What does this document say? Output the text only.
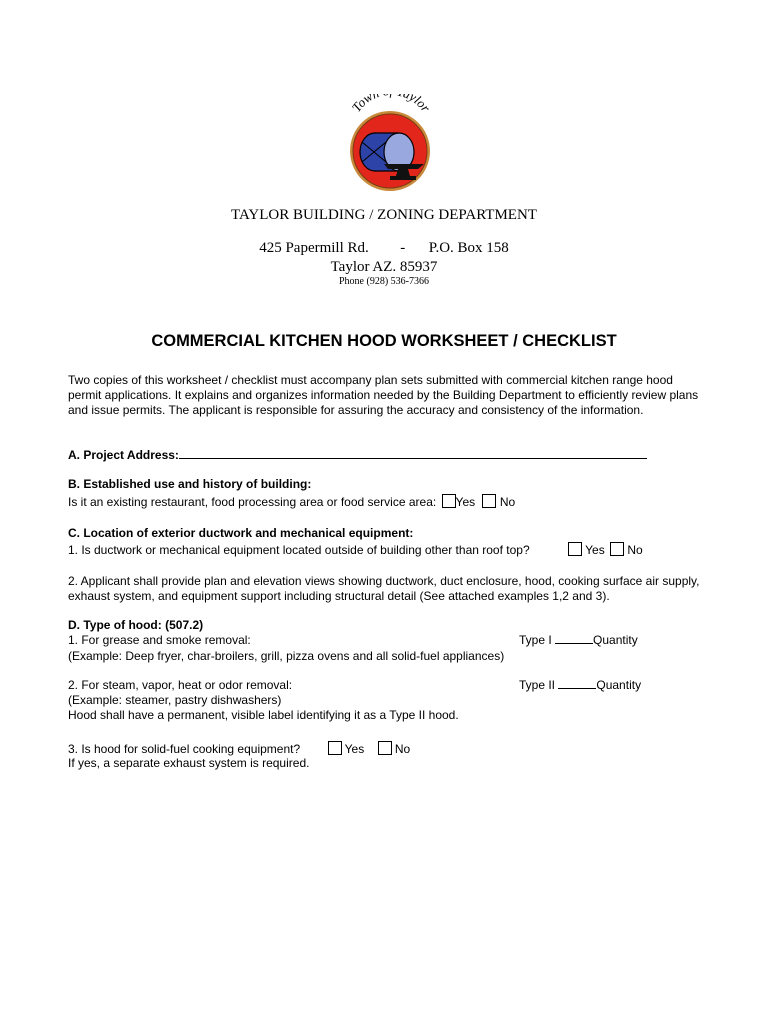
Tow ylor
TAYLOR BUILDING / ZONING DEPARTMENT
425 Papermill Rd. - P.O. Box 158
Taylor AZ. 85937
Phone (928) 536-7366
COMMERCIAL KITCHEN HOOD WORKSHEET / CHECKLIST
Two copies of this worksheet / checklist must accompany plan sets submitted with commercial kitchen range hood permit applications. It explains and organizes information needed by the Building Department to efficiently review plans and issue permits. The applicant is responsible for assuring the accuracy and consistency of the information.
A. Project Address:
B. Established use and history of building:
Is it an existing restaurant, food processing area or food service area: Yes No
C. Location of exterior ductwork and mechanical equipment:
1. Is ductwork or mechanical equipment located outside of building other than roof top?	Yes No
2. Applicant shall provide plan and elevation views showing ductwork, duct enclosure, hood, cooking surface air supply, exhaust system, and equipment support including structural detail (See attached examples 1,2 and 3).
D. Type of hood: (507.2)
1. For grease and smoke removal:	Type I	Quantity
(Example: Deep fryer, char-broilers, grill, pizza ovens and all solid-fuel appliances)
2. For steam, vapor, heat or odor removal:	Type II	Quantity
(Example: steamer, pastry dishwashers)
Hood shall have a permanent, visible label identifying it as a Type II hood.
3. Is hood for solid-fuel cooking equipment?	Yes	No
If yes, a separate exhaust system is required.
